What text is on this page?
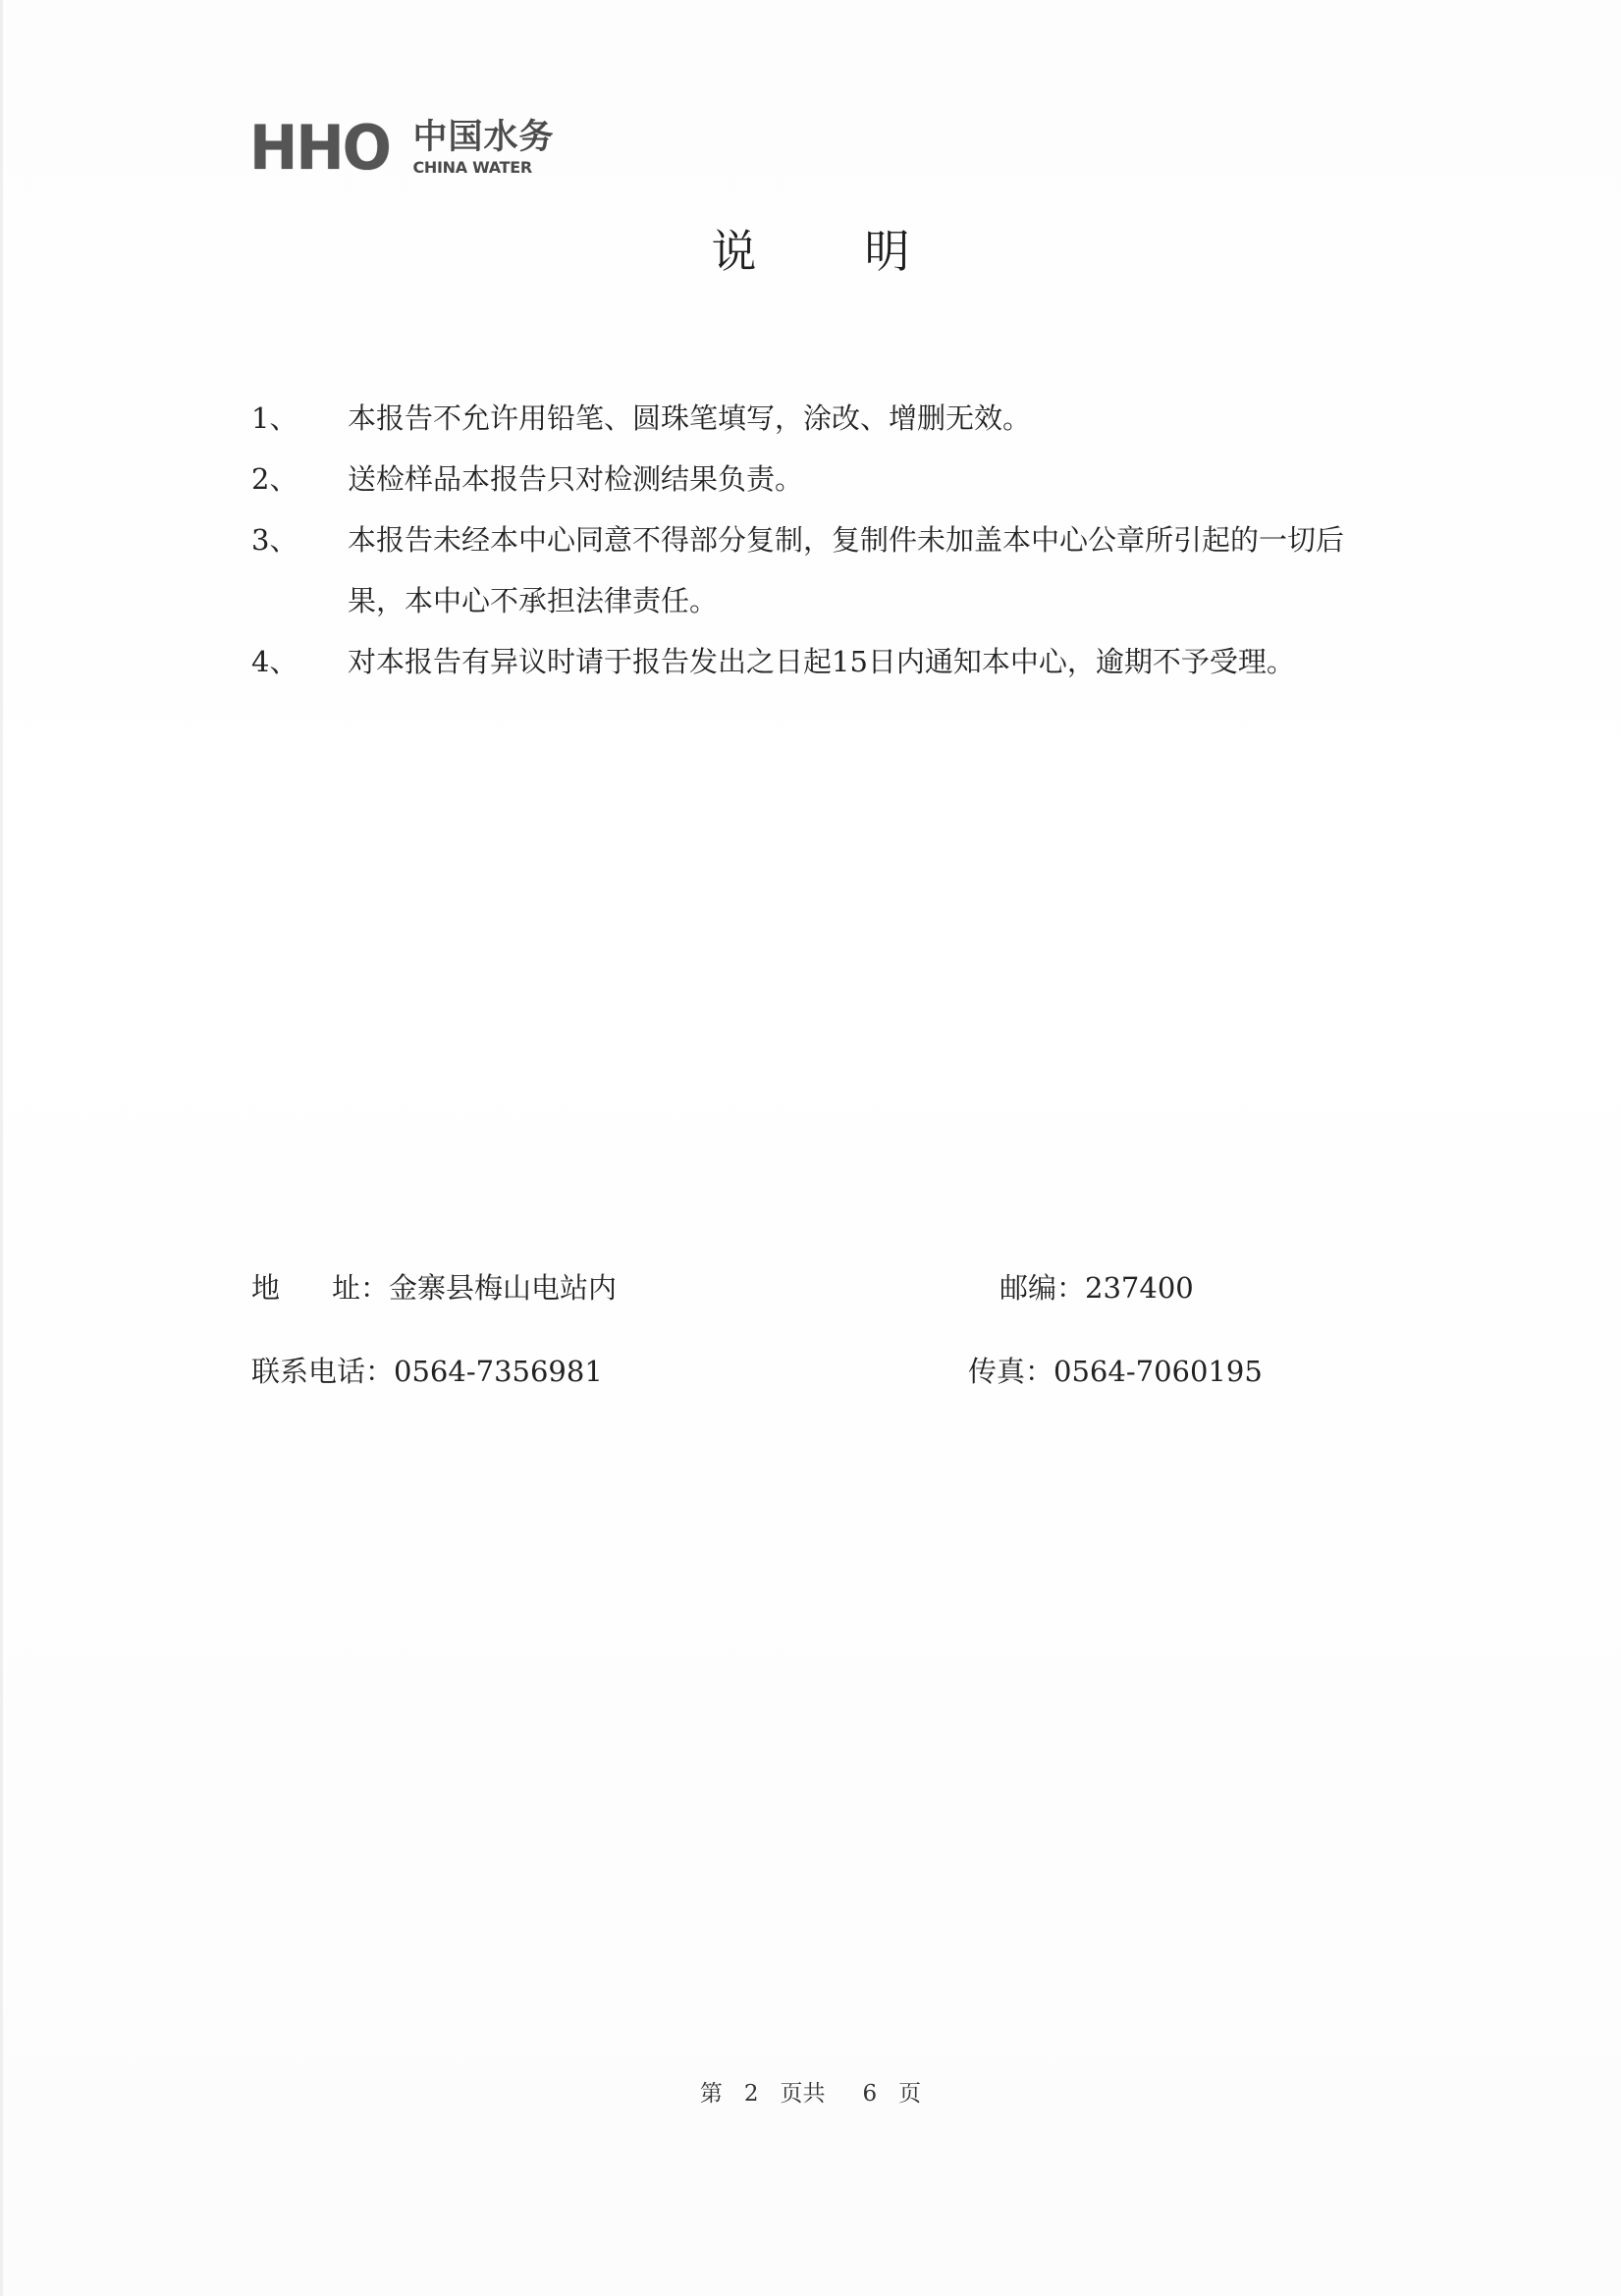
HHO 中国水务
CHINA WATER
说明
1、	本报告不允许用铅笔、圆珠笔填写，涂改、增删无效。
2、	送检样品本报告只对检测结果负责。
3、	本报告未经本中心同意不得部分复制，复制件未加盖本中心公章所引起的一切后果，本中心不承担法律责任。
4、	对本报告有异议时请于报告发出之日起15日内通知本中心，逾期不予受理。
地 址：金寨县梅山电站内	邮编：237400
联系电话：0564-7356981	传真：0564-7060195
第 2 页共 6 页
